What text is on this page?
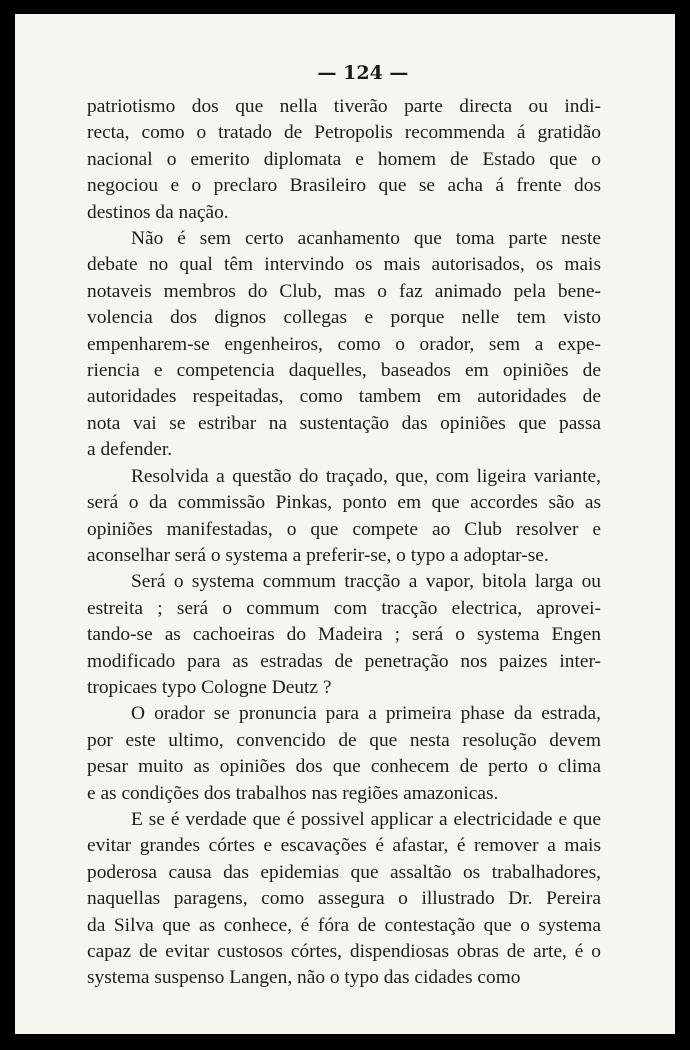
— 124 —
patriotismo dos que nella tiverão parte directa ou indi-
recta, como o tratado de Petropolis recommenda á gratidão
nacional o emerito diplomata e homem de Estado que o
negociou e o preclaro Brasileiro que se acha á frente dos
destinos da nação.
Não é sem certo acanhamento que toma parte neste
debate no qual têm intervindo os mais autorisados, os mais
notaveis membros do Club, mas o faz animado pela bene-
volencia dos dignos collegas e porque nelle tem visto
empenharem-se engenheiros, como o orador, sem a expe-
riencia e competencia daquelles, baseados em opiniões de
autoridades respeitadas, como tambem em autoridades de
nota vai se estribar na sustentação das opiniões que passa
a defender.
Resolvida a questão do traçado, que, com ligeira variante,
será o da commissão Pinkas, ponto em que accordes são as
opiniões manifestadas, o que compete ao Club resolver e
aconselhar será o systema a preferir-se, o typo a adoptar-se.
Será o systema commum tracção a vapor, bitola larga ou
estreita ; será o commum com tracção electrica, aprovei-
tando-se as cachoeiras do Madeira ; será o systema Engen
modificado para as estradas de penetração nos paizes inter-
tropicaes typo Cologne Deutz ?
O orador se pronuncia para a primeira phase da estrada,
por este ultimo, convencido de que nesta resolução devem
pesar muito as opiniões dos que conhecem de perto o clima
e as condições dos trabalhos nas regiões amazonicas.
E se é verdade que é possivel applicar a electricidade e que
evitar grandes córtes e escavações é afastar, é remover a mais
poderosa causa das epidemias que assaltão os trabalhadores,
naquellas paragens, como assegura o illustrado Dr. Pereira
da Silva que as conhece, é fóra de contestação que o systema
capaz de evitar custosos córtes, dispendiosas obras de arte, é o
systema suspenso Langen, não o typo das cidades como
